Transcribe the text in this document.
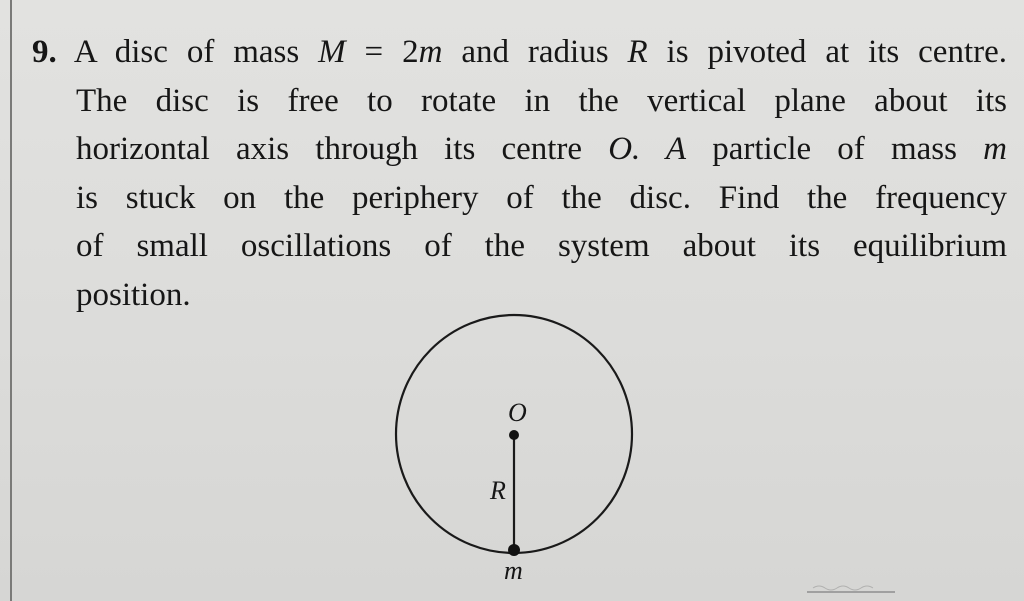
9. A disc of mass M = 2m and radius R is pivoted at its centre.
The disc is free to rotate in the vertical plane about its
horizontal axis through its centre O. A particle of mass m
is stuck on the periphery of the disc. Find the frequency
of small oscillations of the system about its equilibrium
position.
O
R
m
